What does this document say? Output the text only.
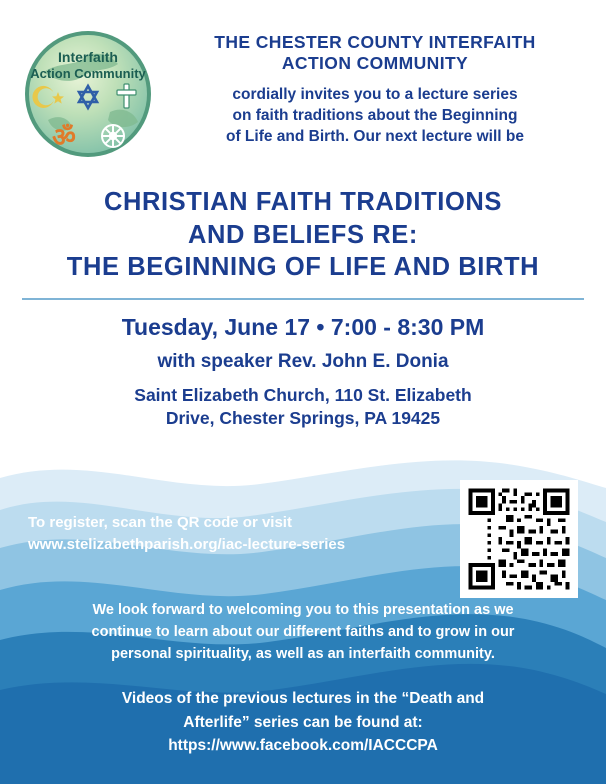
Interfaith
Action Community
ॐ
THE CHESTER COUNTY INTERFAITH
ACTION COMMUNITY
cordially invites you to a lecture series
on faith traditions about the Beginning
of Life and Birth. Our next lecture will be
CHRISTIAN FAITH TRADITIONS
AND BELIEFS RE:
THE BEGINNING OF LIFE AND BIRTH
Tuesday, June 17 • 7:00 - 8:30 PM
with speaker Rev. John E. Donia
Saint Elizabeth Church, 110 St. Elizabeth
Drive, Chester Springs, PA 19425
To register, scan the QR code or visit
www.stelizabethparish.org/iac-lecture-series

We look forward to welcoming you to this presentation as we
continue to learn about our different faiths and to grow in our
personal spirituality, as well as an interfaith community.

Videos of the previous lectures in the “Death and
Afterlife” series can be found at:
https://www.facebook.com/IACCCPA
